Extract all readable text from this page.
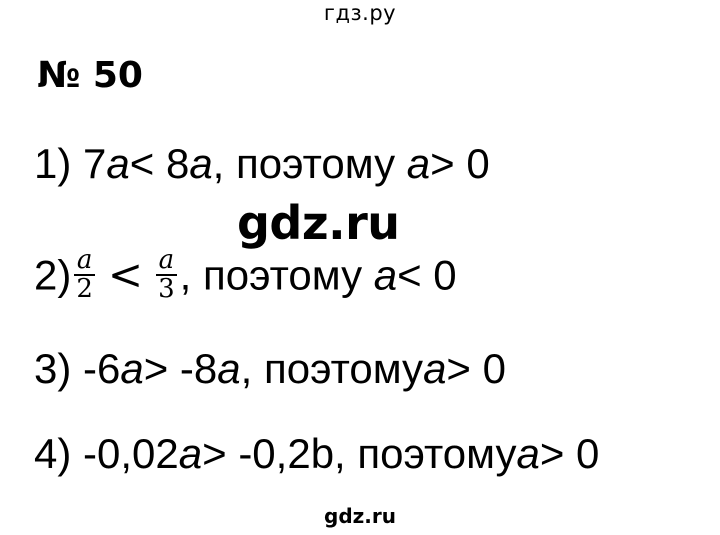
гдз.ру
№ 50
1) 7a< 8a, поэтому a> 0
gdz.ru
$2) \frac{a}{2} < \frac{a}{3}$ , поэтому a< 0
3) -6a> -8a, поэтомуa> 0
4) -0,02a> -0,2b, поэтомуa> 0
gdz.ru
